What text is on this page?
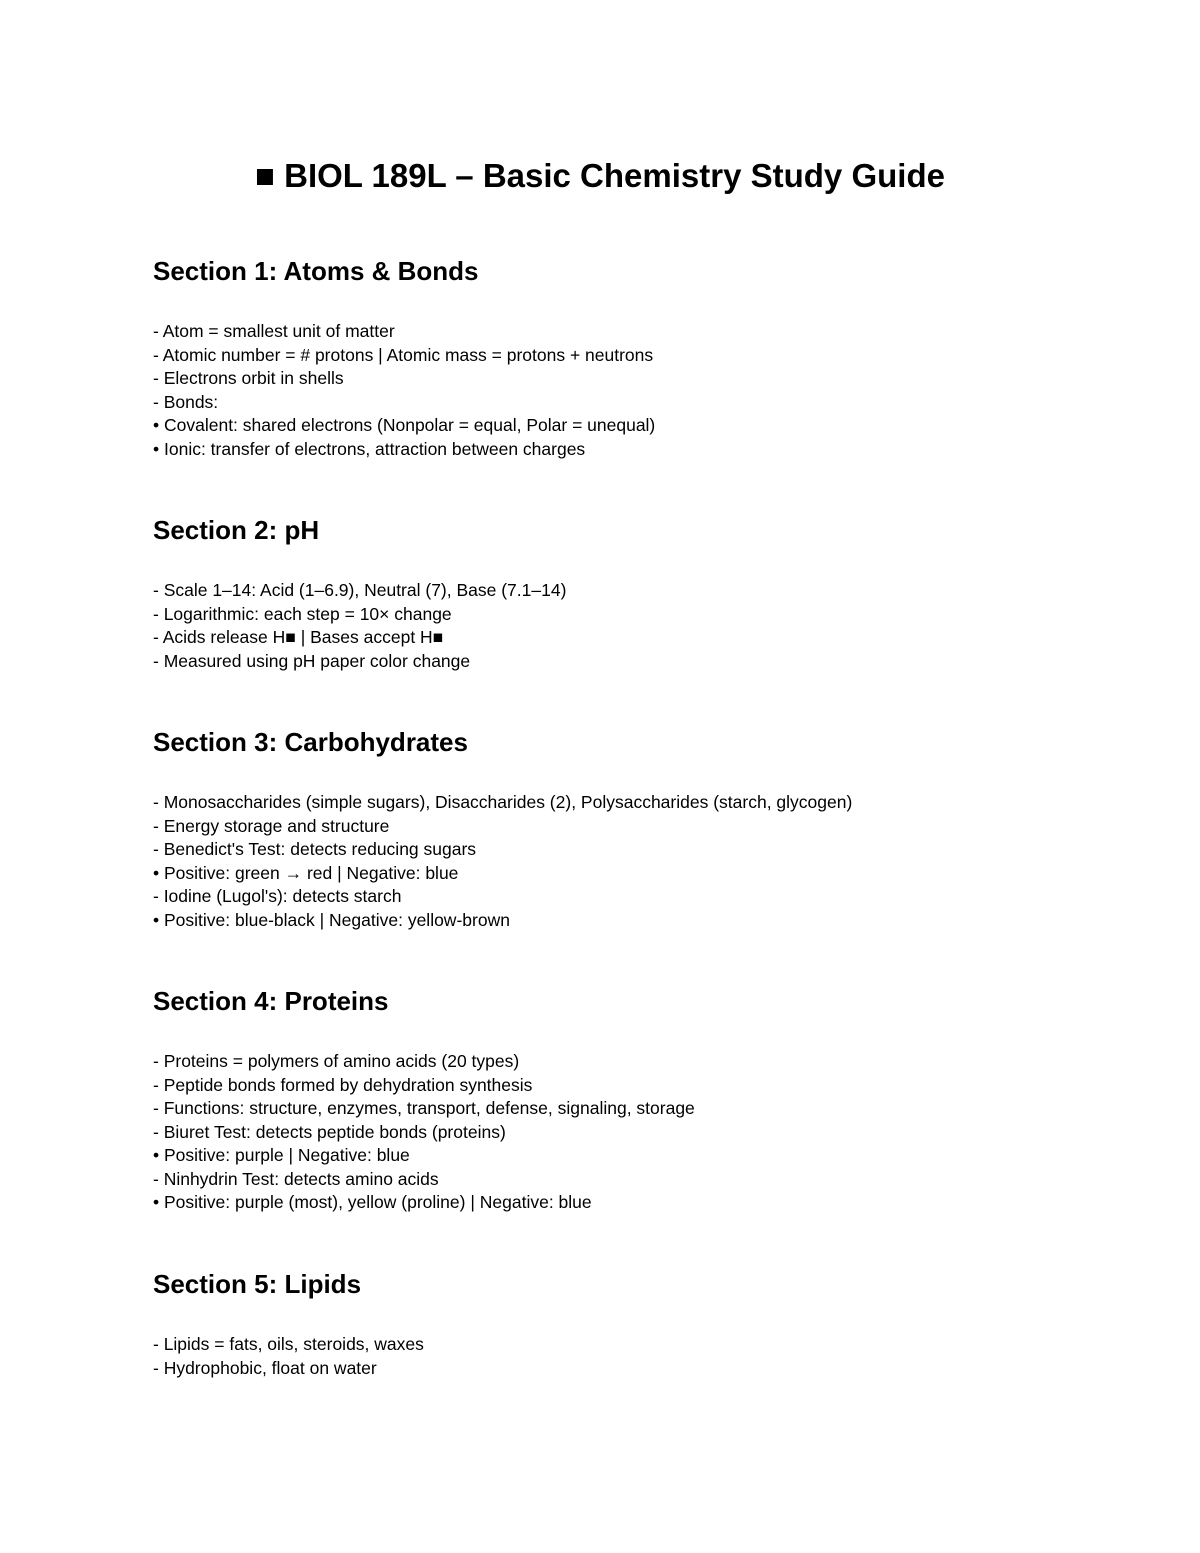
■ BIOL 189L – Basic Chemistry Study Guide
Section 1: Atoms & Bonds
- Atom = smallest unit of matter
- Atomic number = # protons | Atomic mass = protons + neutrons
- Electrons orbit in shells
- Bonds:
• Covalent: shared electrons (Nonpolar = equal, Polar = unequal)
• Ionic: transfer of electrons, attraction between charges
Section 2: pH
- Scale 1–14: Acid (1–6.9), Neutral (7), Base (7.1–14)
- Logarithmic: each step = 10× change
- Acids release H■ | Bases accept H■
- Measured using pH paper color change
Section 3: Carbohydrates
- Monosaccharides (simple sugars), Disaccharides (2), Polysaccharides (starch, glycogen)
- Energy storage and structure
- Benedict's Test: detects reducing sugars
• Positive: green → red | Negative: blue
- Iodine (Lugol's): detects starch
• Positive: blue-black | Negative: yellow-brown
Section 4: Proteins
- Proteins = polymers of amino acids (20 types)
- Peptide bonds formed by dehydration synthesis
- Functions: structure, enzymes, transport, defense, signaling, storage
- Biuret Test: detects peptide bonds (proteins)
• Positive: purple | Negative: blue
- Ninhydrin Test: detects amino acids
• Positive: purple (most), yellow (proline) | Negative: blue
Section 5: Lipids
- Lipids = fats, oils, steroids, waxes
- Hydrophobic, float on water
